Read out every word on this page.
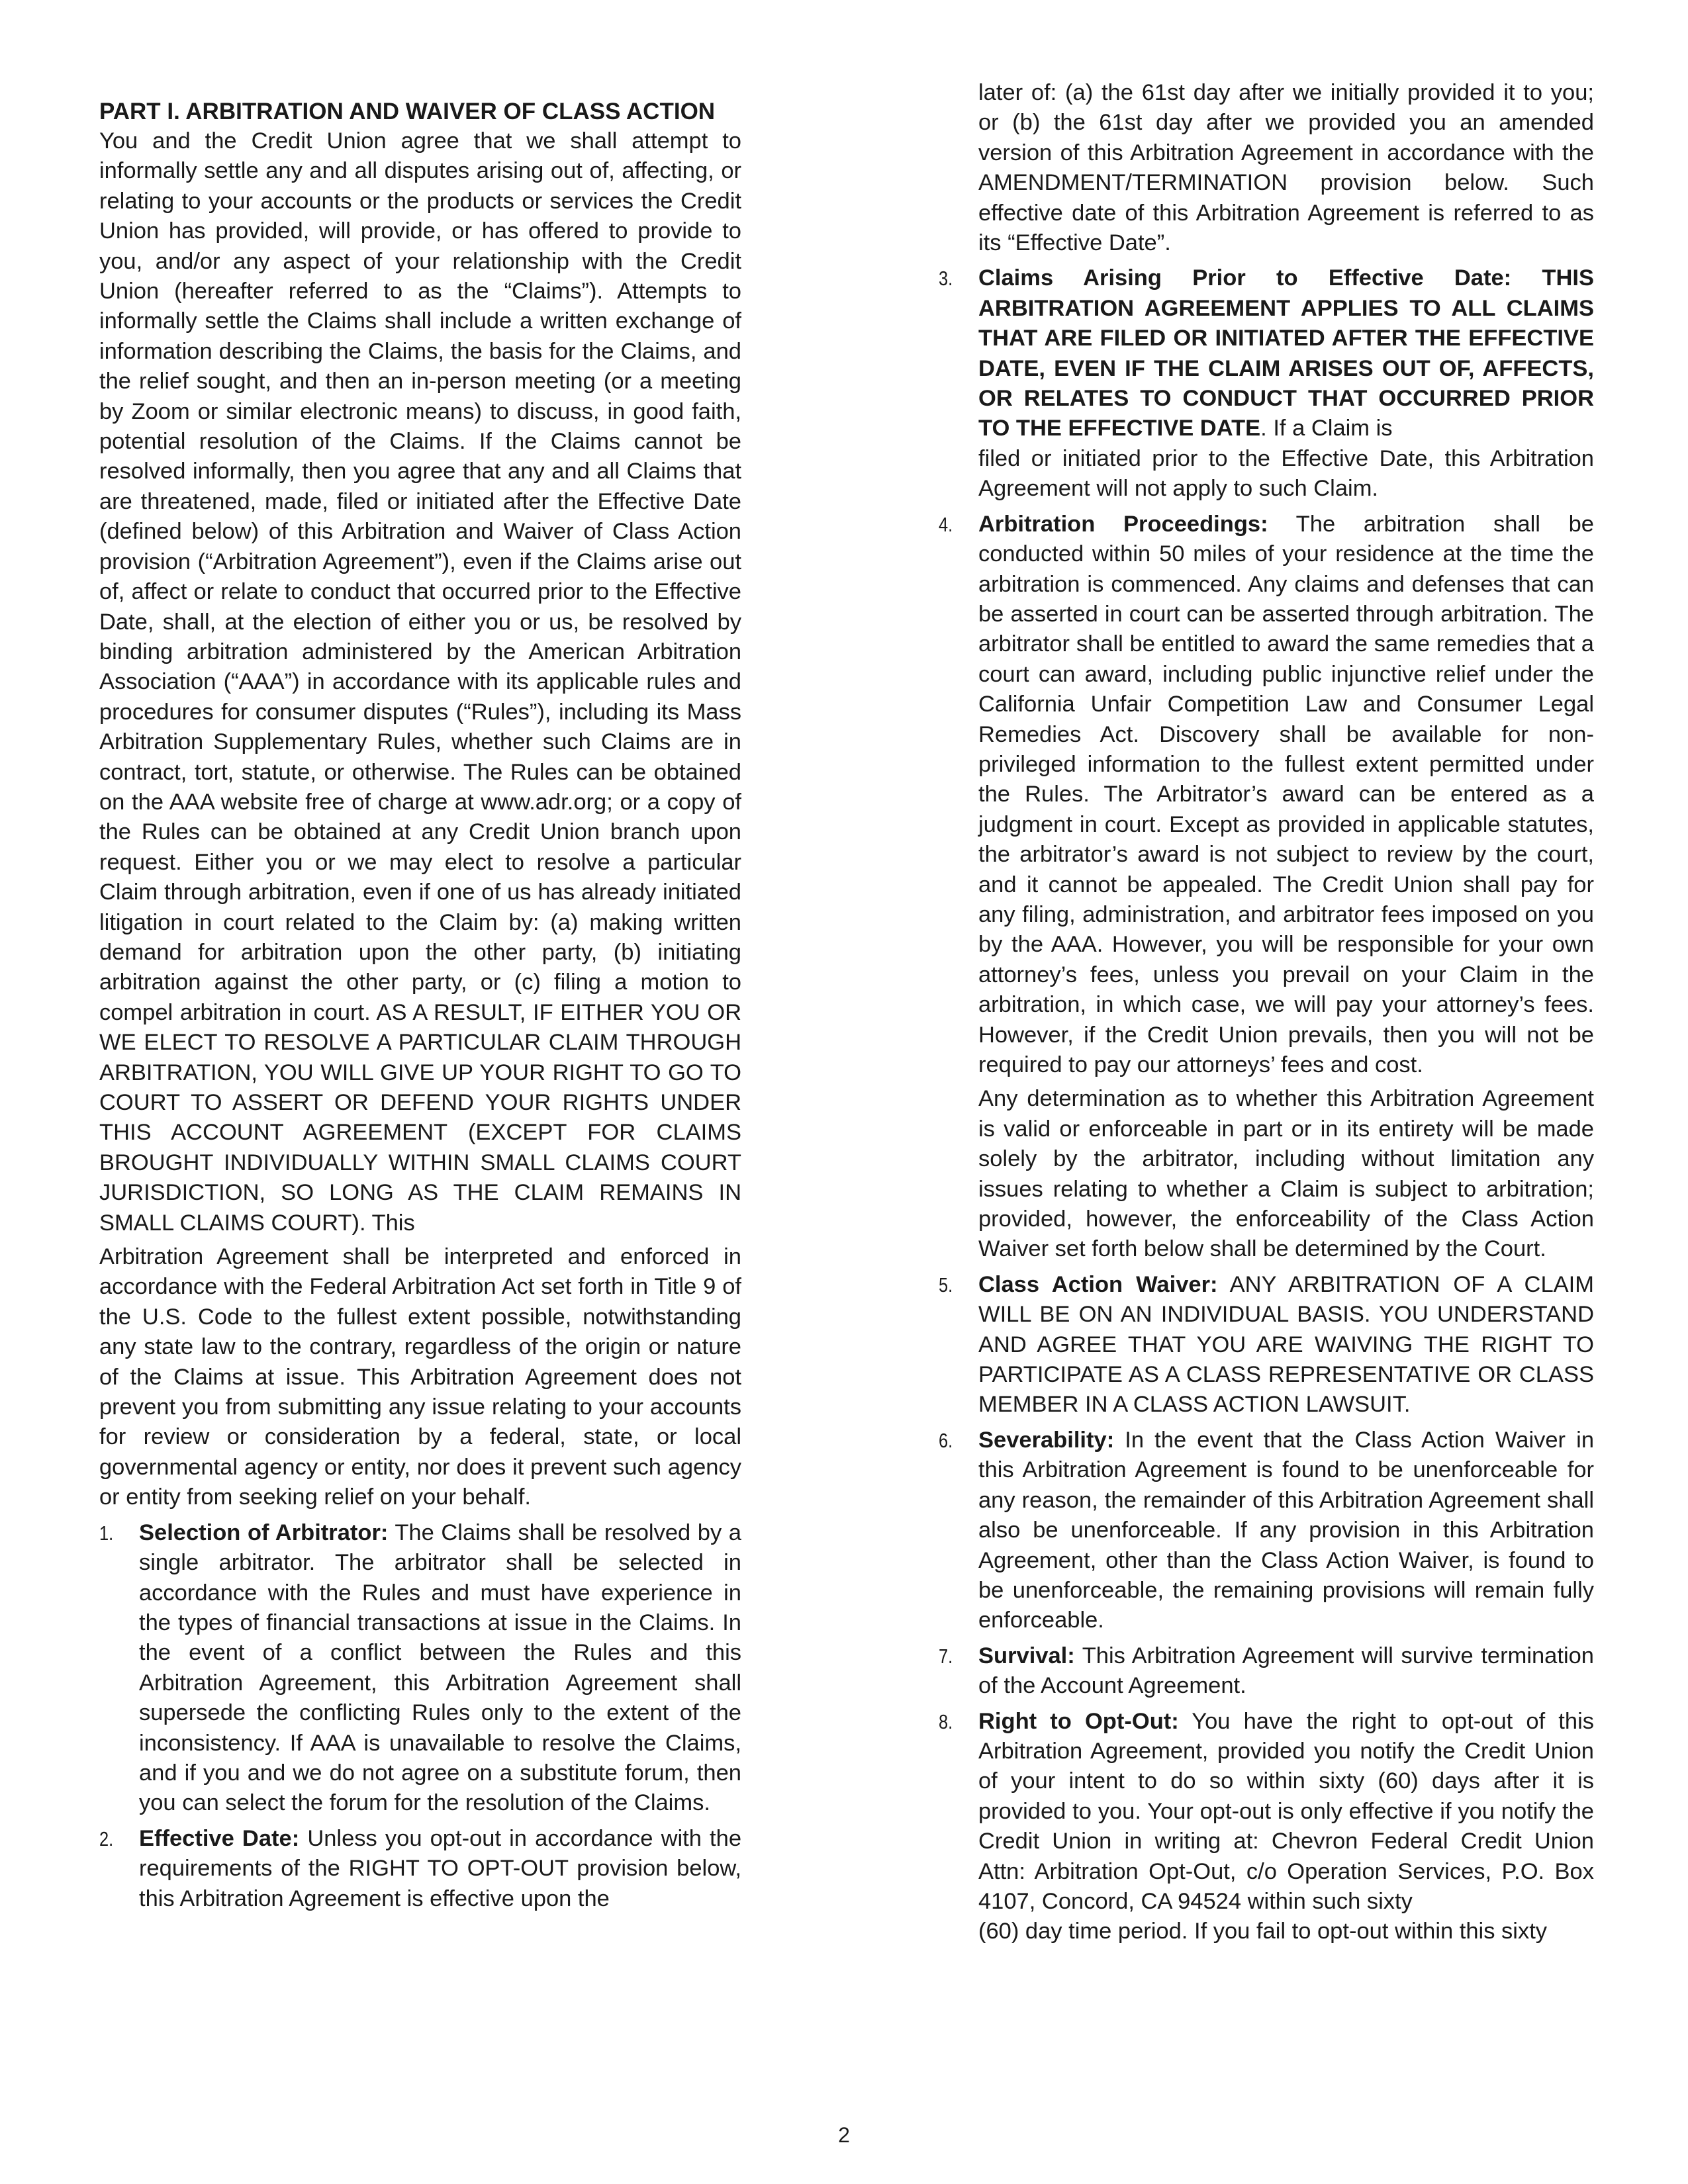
PART I. ARBITRATION AND WAIVER OF CLASS ACTION

You and the Credit Union agree that we shall attempt to informally settle any and all disputes arising out of, affecting, or relating to your accounts or the products or services the Credit Union has provided, will provide, or has offered to provide to you, and/or any aspect of your relationship with the Credit Union (hereafter referred to as the “Claims”). Attempts to informally settle the Claims shall include a written exchange of information describing the Claims, the basis for the Claims, and the relief sought, and then an in-person meeting (or a meeting by Zoom or similar electronic means) to discuss, in good faith, potential resolution of the Claims. If the Claims cannot be resolved informally, then you agree that any and all Claims that are threatened, made, filed or initiated after the Effective Date (defined below) of this Arbitration and Waiver of Class Action provision (“Arbitration Agreement”), even if the Claims arise out of, affect or relate to conduct that occurred prior to the Effective Date, shall, at the election of either you or us, be resolved by binding arbitration administered by the American Arbitration Association (“AAA”) in accordance with its applicable rules and procedures for consumer disputes (“Rules”), including its Mass Arbitration Supplementary Rules, whether such Claims are in contract, tort, statute, or otherwise. The Rules can be obtained on the AAA website free of charge at www.adr.org; or a copy of the Rules can be obtained at any Credit Union branch upon request. Either you or we may elect to resolve a particular Claim through arbitration, even if one of us has already initiated litigation in court related to the Claim by: (a) making written demand for arbitration upon the other party, (b) initiating arbitration against the other party, or (c) filing a motion to compel arbitration in court. AS A RESULT, IF EITHER YOU OR WE ELECT TO RESOLVE A PARTICULAR CLAIM THROUGH ARBITRATION, YOU WILL GIVE UP YOUR RIGHT TO GO TO COURT TO ASSERT OR DEFEND YOUR RIGHTS UNDER THIS ACCOUNT AGREEMENT (EXCEPT FOR CLAIMS BROUGHT INDIVIDUALLY WITHIN SMALL CLAIMS COURT JURISDICTION, SO LONG AS THE CLAIM REMAINS IN SMALL CLAIMS COURT). This

Arbitration Agreement shall be interpreted and enforced in accordance with the Federal Arbitration Act set forth in Title 9 of the U.S. Code to the fullest extent possible, notwithstanding any state law to the contrary, regardless of the origin or nature of the Claims at issue. This Arbitration Agreement does not prevent you from submitting any issue relating to your accounts for review or consideration by a federal, state, or local governmental agency or entity, nor does it prevent such agency or entity from seeking relief on your behalf.

1. Selection of Arbitrator: The Claims shall be resolved by a single arbitrator. The arbitrator shall be selected in accordance with the Rules and must have experience in the types of financial transactions at issue in the Claims. In the event of a conflict between the Rules and this Arbitration Agreement, this Arbitration Agreement shall supersede the conflicting Rules only to the extent of the inconsistency. If AAA is unavailable to resolve the Claims, and if you and we do not agree on a substitute forum, then you can select the forum for the resolution of the Claims.
2. Effective Date: Unless you opt-out in accordance with the requirements of the RIGHT TO OPT-OUT provision below, this Arbitration Agreement is effective upon the

later of: (a) the 61st day after we initially provided it to you; or (b) the 61st day after we provided you an amended version of this Arbitration Agreement in accordance with the AMENDMENT/TERMINATION provision below. Such effective date of this Arbitration Agreement is referred to as its “Effective Date”.

3. Claims Arising Prior to Effective Date: THIS ARBITRATION AGREEMENT APPLIES TO ALL CLAIMS THAT ARE FILED OR INITIATED AFTER THE EFFECTIVE DATE, EVEN IF THE CLAIM ARISES OUT OF, AFFECTS, OR RELATES TO CONDUCT THAT OCCURRED PRIOR TO THE EFFECTIVE DATE. If a Claim is
filed or initiated prior to the Effective Date, this Arbitration Agreement will not apply to such Claim.
4. Arbitration Proceedings: The arbitration shall be conducted within 50 miles of your residence at the time the arbitration is commenced. Any claims and defenses that can be asserted in court can be asserted through arbitration. The arbitrator shall be entitled to award the same remedies that a court can award, including public injunctive relief under the California Unfair Competition Law and Consumer Legal Remedies Act. Discovery shall be available for non-privileged information to the fullest extent permitted under the Rules. The Arbitrator’s award can be entered as a judgment in court. Except as provided in applicable statutes, the arbitrator’s award is not subject to review by the court, and it cannot be appealed. The Credit Union shall pay for any filing, administration, and arbitrator fees imposed on you by the AAA. However, you will be responsible for your own attorney’s fees, unless you prevail on your Claim in the arbitration, in which case, we will pay your attorney’s fees. However, if the Credit Union prevails, then you will not be required to pay our attorneys’ fees and cost.
Any determination as to whether this Arbitration Agreement is valid or enforceable in part or in its entirety will be made solely by the arbitrator, including without limitation any issues relating to whether a Claim is subject to arbitration; provided, however, the enforceability of the Class Action Waiver set forth below shall be determined by the Court.
5. Class Action Waiver: ANY ARBITRATION OF A CLAIM WILL BE ON AN INDIVIDUAL BASIS. YOU UNDERSTAND AND AGREE THAT YOU ARE WAIVING THE RIGHT TO PARTICIPATE AS A CLASS REPRESENTATIVE OR CLASS MEMBER IN A CLASS ACTION LAWSUIT.
6. Severability: In the event that the Class Action Waiver in this Arbitration Agreement is found to be unenforceable for any reason, the remainder of this Arbitration Agreement shall also be unenforceable. If any provision in this Arbitration Agreement, other than the Class Action Waiver, is found to be unenforceable, the remaining provisions will remain fully enforceable.
7. Survival: This Arbitration Agreement will survive termination of the Account Agreement.
8. Right to Opt-Out: You have the right to opt-out of this Arbitration Agreement, provided you notify the Credit Union of your intent to do so within sixty (60) days after it is provided to you. Your opt-out is only effective if you notify the Credit Union in writing at: Chevron Federal Credit Union Attn: Arbitration Opt-Out, c/o Operation Services, P.O. Box 4107, Concord, CA 94524 within such sixty
(60) day time period. If you fail to opt-out within this sixty
2
